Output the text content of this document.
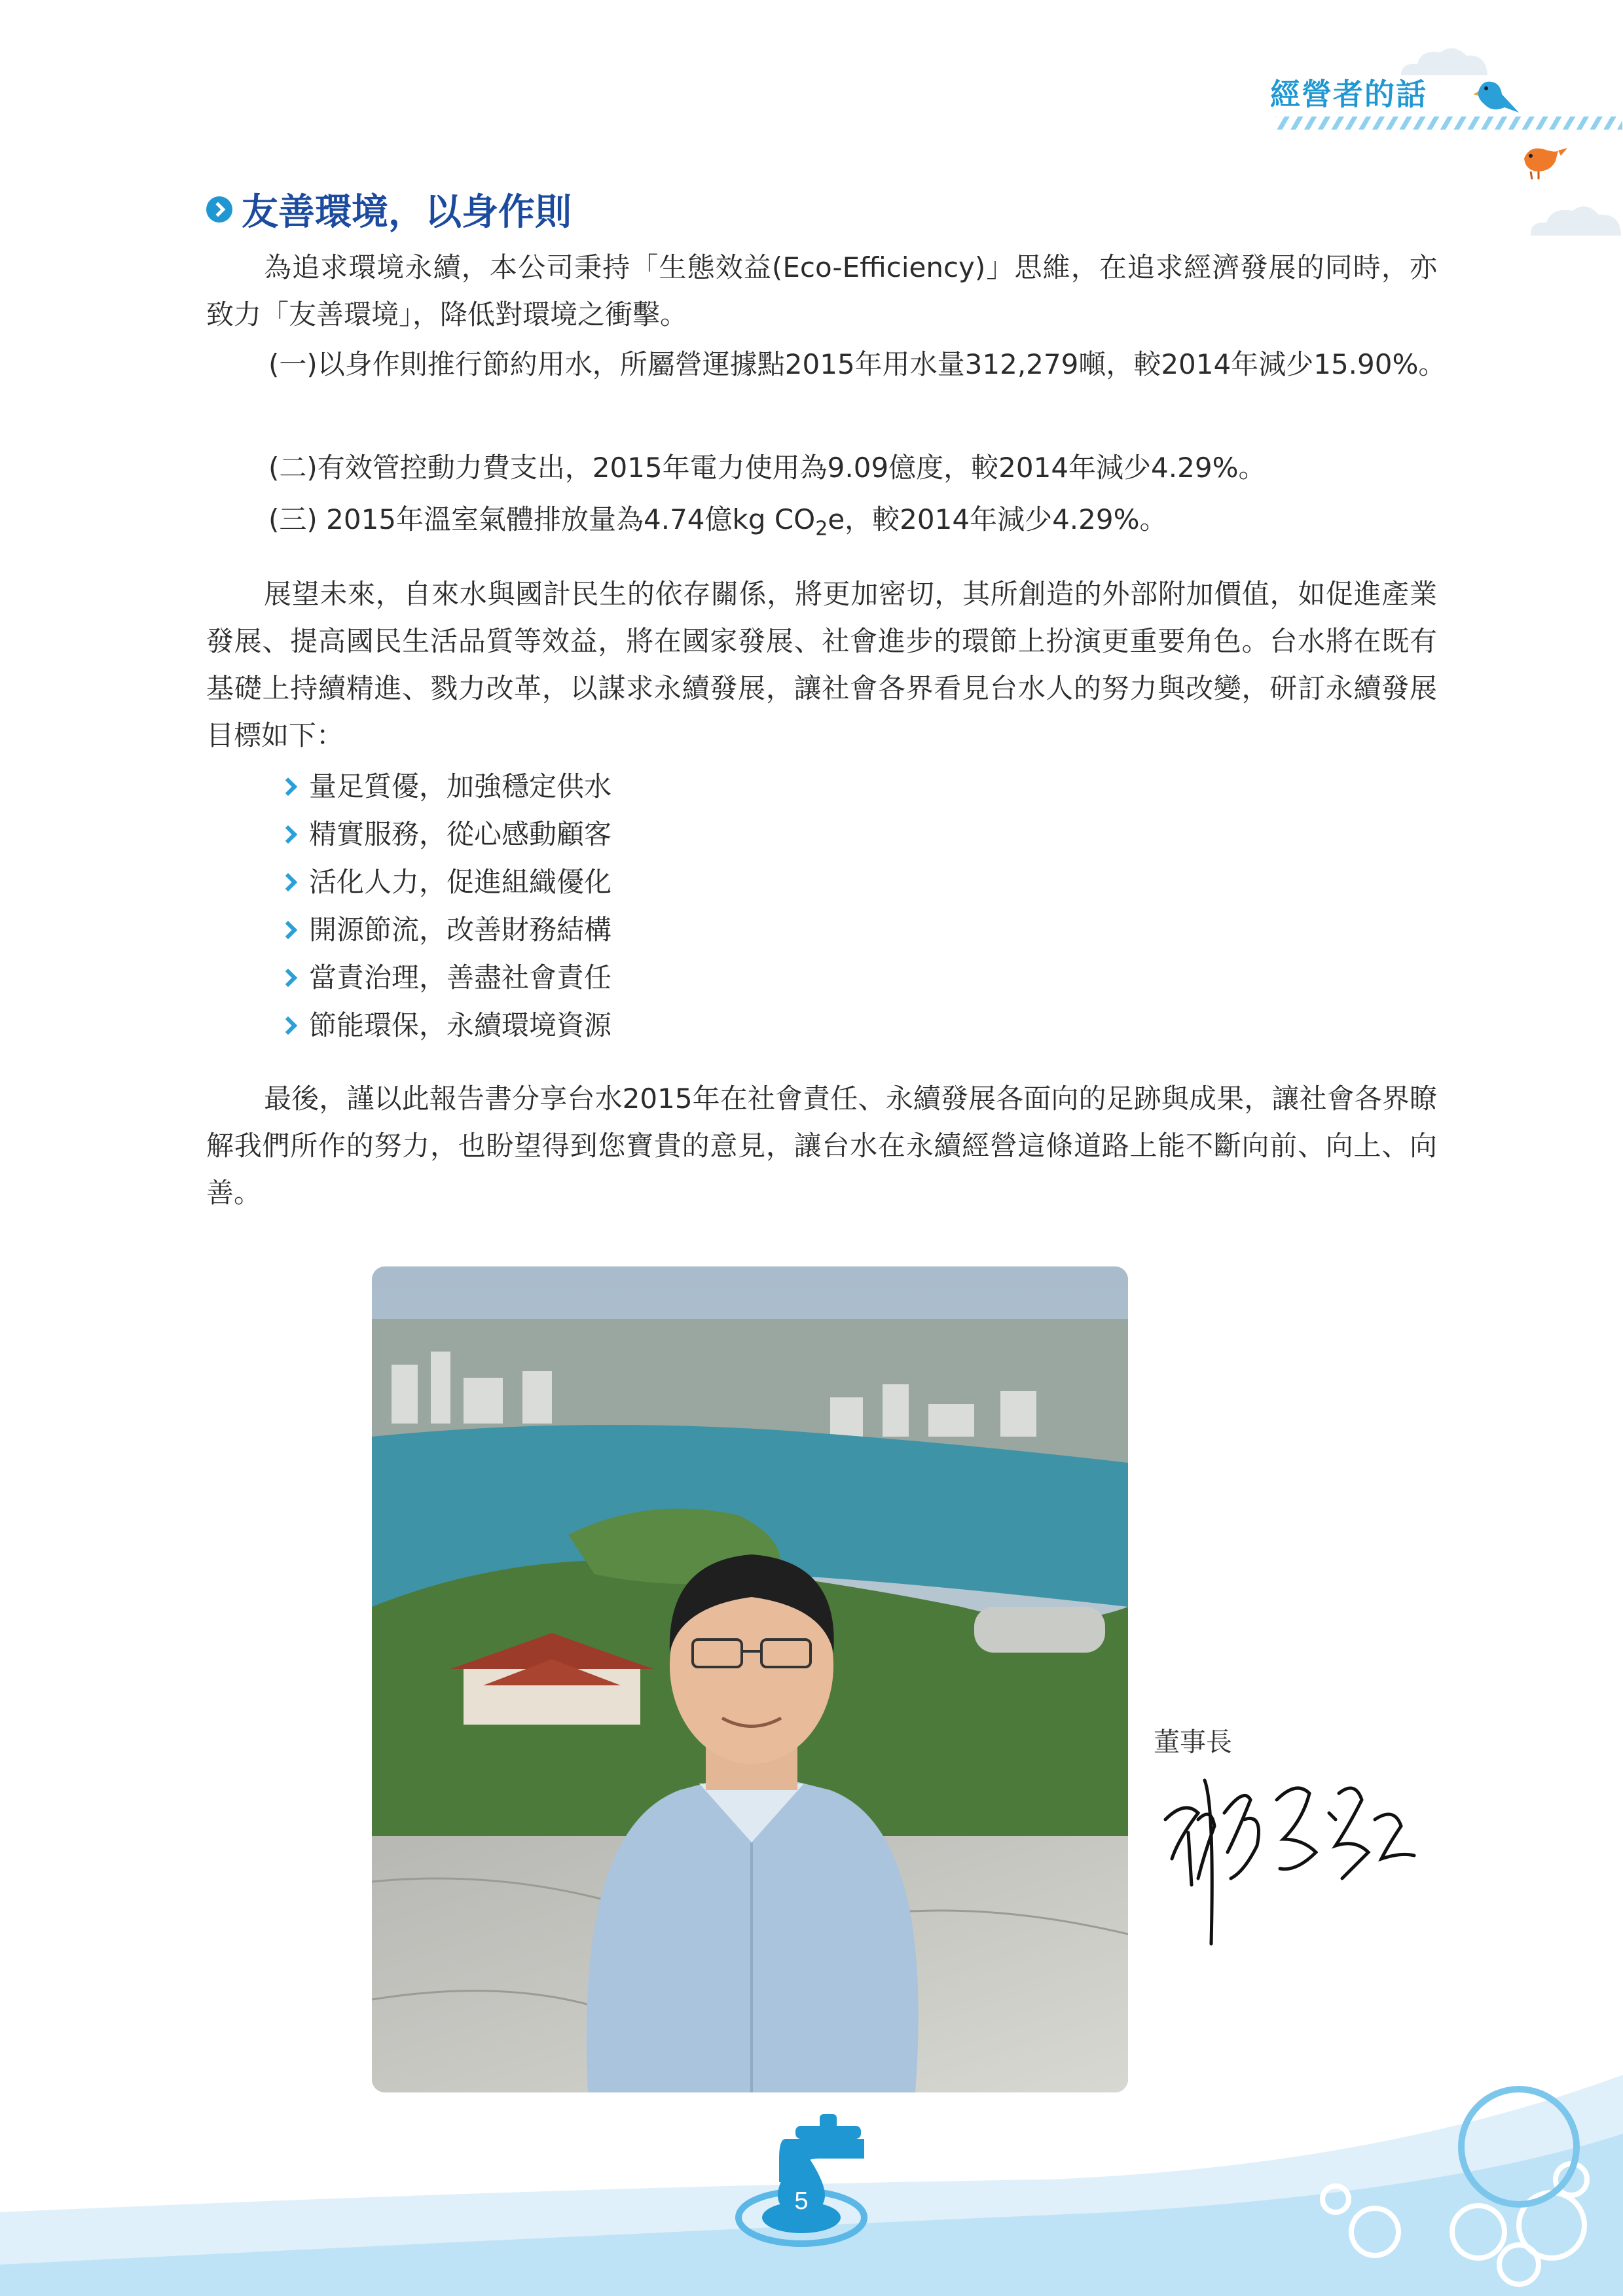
經營者的話
友善環境，以身作則
為追求環境永續，本公司秉持「生態效益(Eco-Efficiency)」思維，在追求經濟發展的同時，亦致力「友善環境」，降低對環境之衝擊。
(一)以身作則推行節約用水，所屬營運據點2015年用水量312,279噸，較2014年減少15.90%。
(二)有效管控動力費支出，2015年電力使用為9.09億度，較2014年減少4.29%。
(三) 2015年溫室氣體排放量為4.74億kg $CO_2e$，較2014年減少4.29%。
展望未來，自來水與國計民生的依存關係，將更加密切，其所創造的外部附加價值，如促進產業發展、提高國民生活品質等效益，將在國家發展、社會進步的環節上扮演更重要角色。台水將在既有基礎上持續精進、戮力改革，以謀求永續發展，讓社會各界看見台水人的努力與改變，研訂永續發展目標如下：
量足質優，加強穩定供水
精實服務，從心感動顧客
活化人力，促進組織優化
開源節流，改善財務結構
當責治理，善盡社會責任
節能環保，永續環境資源
最後，謹以此報告書分享台水2015年在社會責任、永續發展各面向的足跡與成果，讓社會各界瞭解我們所作的努力，也盼望得到您寶貴的意見，讓台水在永續經營這條道路上能不斷向前、向上、向善。
董事長
5
